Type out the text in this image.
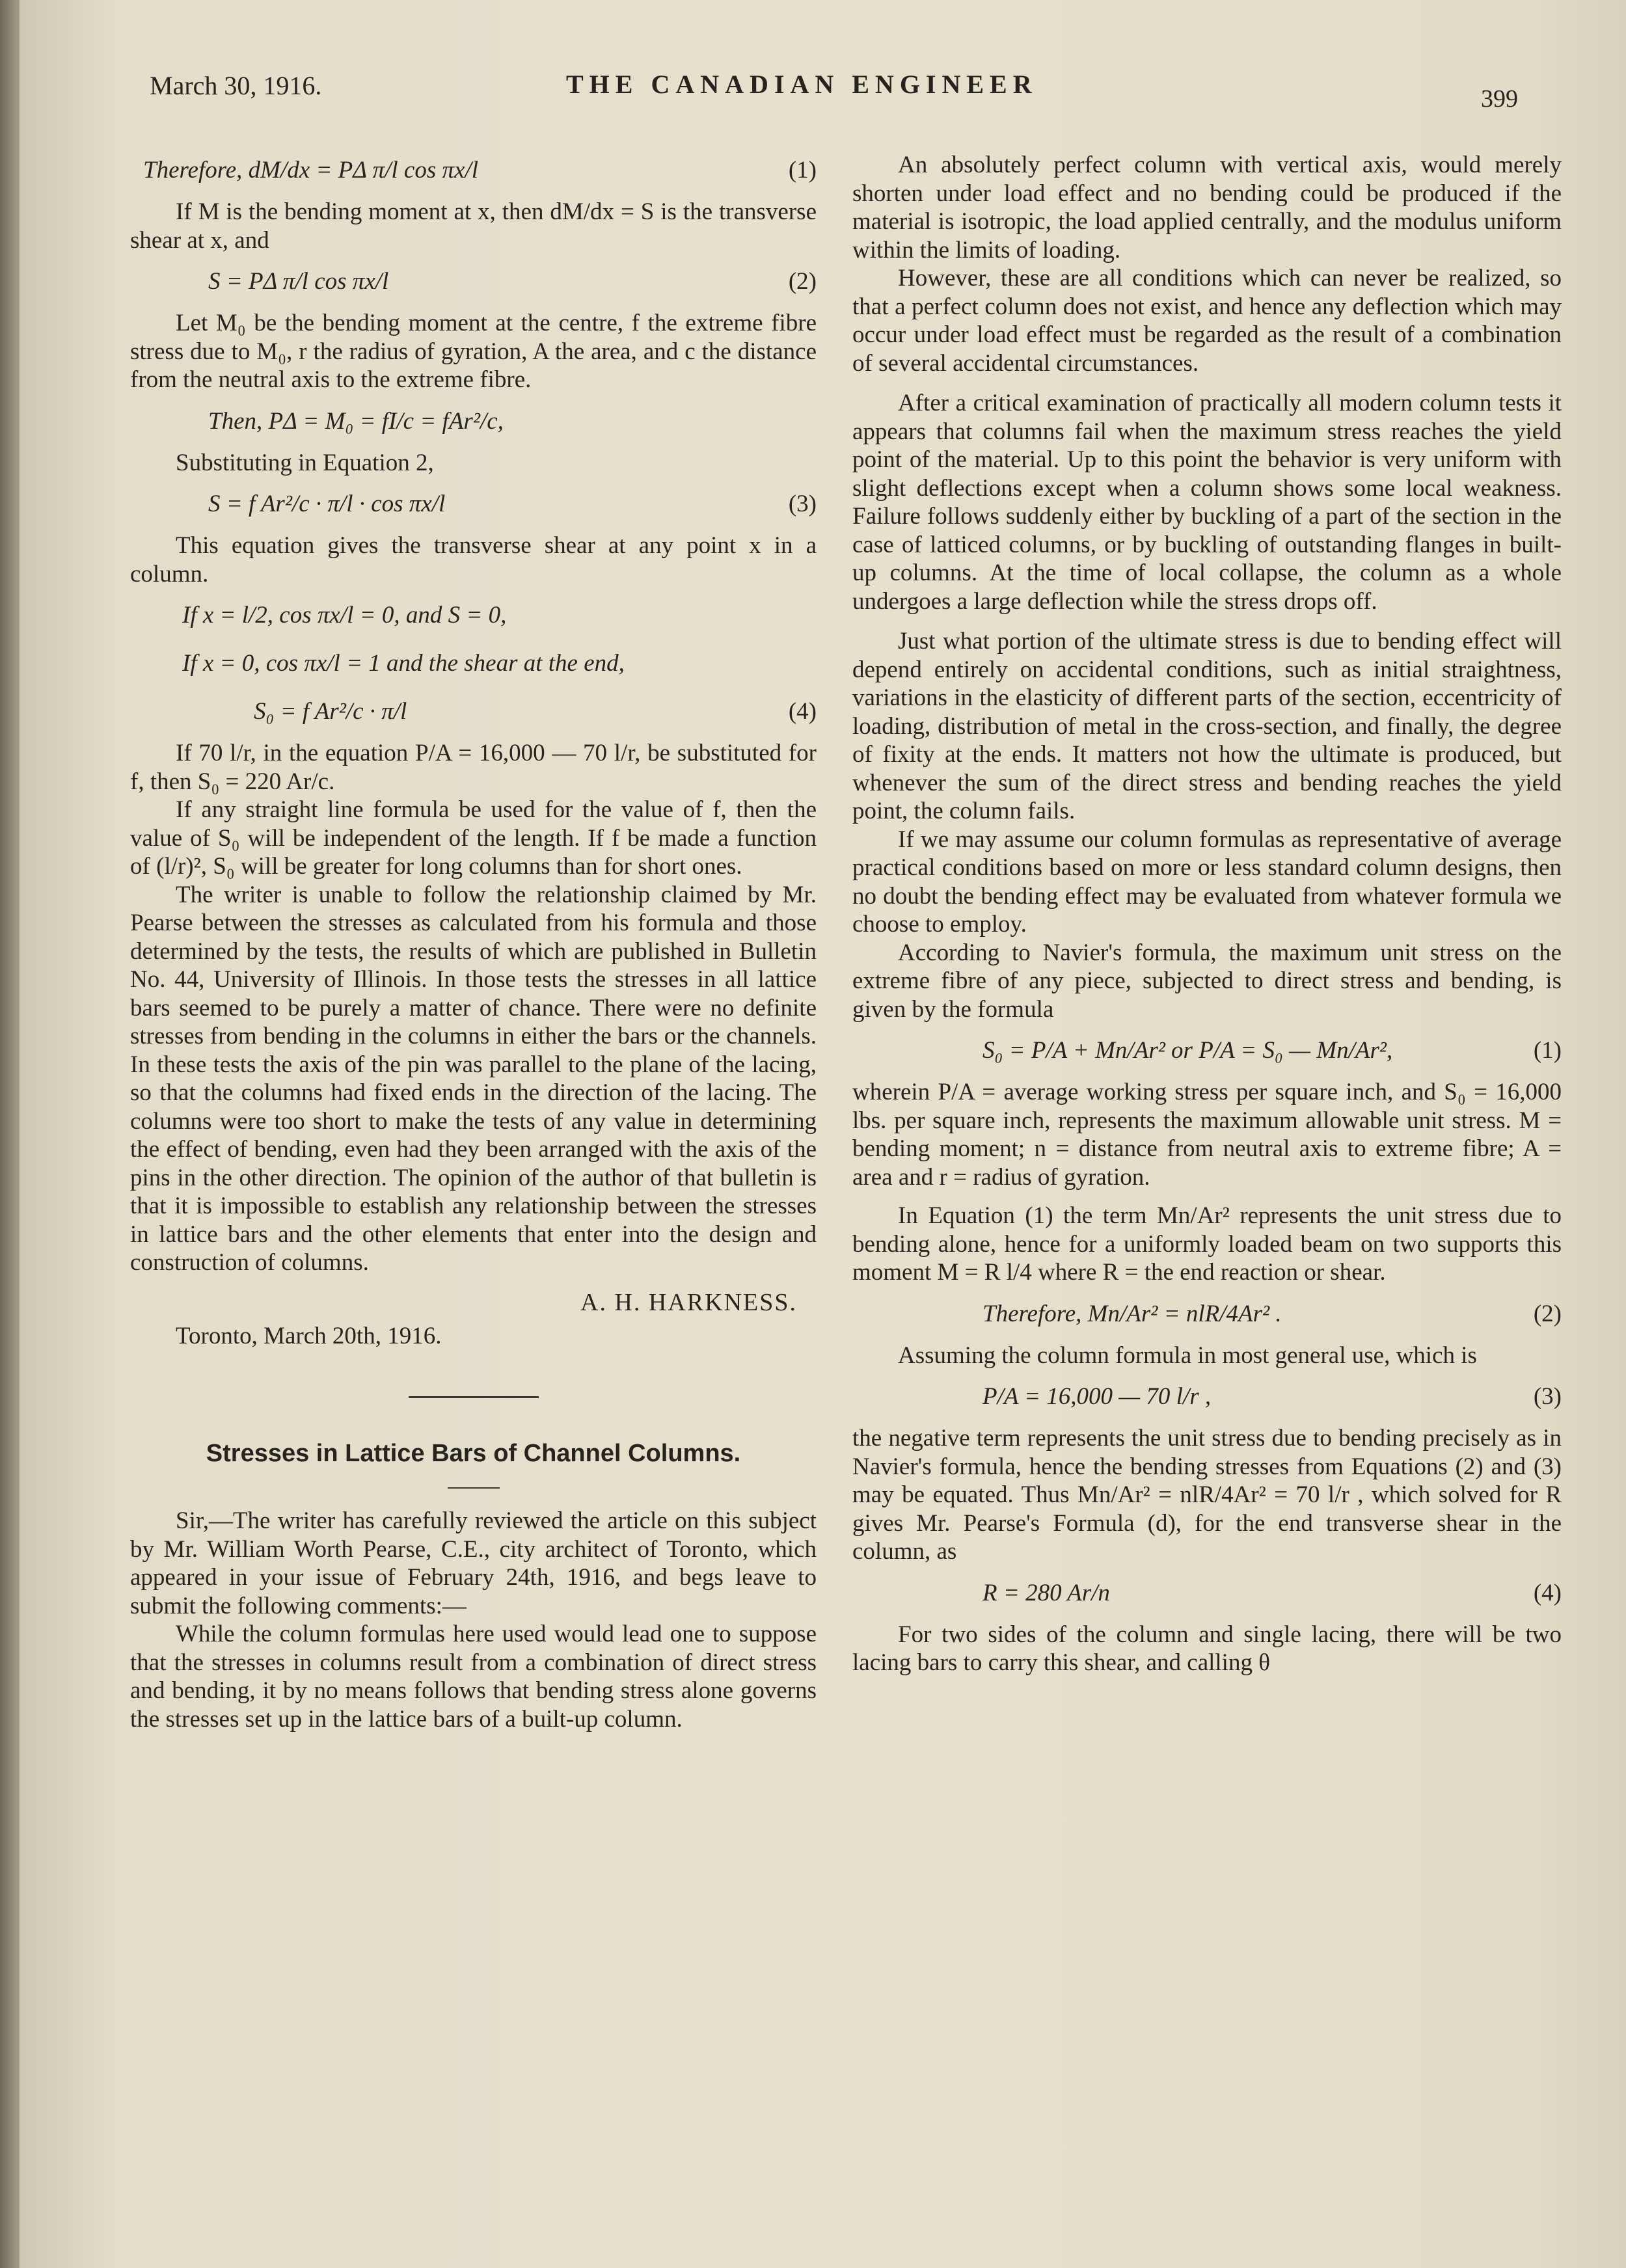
March 30, 1916.	THE CANADIAN ENGINEER	399
Therefore, dM/dx = PΔ π/l cos πx/l	(1)

If M is the bending moment at x, then dM/dx = S is the transverse shear at x, and

S = PΔ π/l cos πx/l	(2)

Let M₀ be the bending moment at the centre, f the extreme fibre stress due to M₀, r the radius of gyration, A the area, and c the distance from the neutral axis to the extreme fibre.

Then, PΔ = M₀ = fI/c = fAr²/c,

Substituting in Equation 2,

S = f Ar²/c · π/l · cos πx/l	(3)

This equation gives the transverse shear at any point x in a column.

If x = l/2, cos πx/l = 0, and S = 0,
If x = 0, cos πx/l = 1 and the shear at the end,
S₀ = f Ar²/c · π/l	(4)

If 70 l/r, in the equation P/A = 16,000 — 70 l/r, be substituted for f, then S₀ = 220 Ar/c.

If any straight line formula be used for the value of f, then the value of S₀ will be independent of the length. If f be made a function of (l/r)², S₀ will be greater for long columns than for short ones.

The writer is unable to follow the relationship claimed by Mr. Pearse between the stresses as calculated from his formula and those determined by the tests, the results of which are published in Bulletin No. 44, University of Illinois. In those tests the stresses in all lattice bars seemed to be purely a matter of chance. There were no definite stresses from bending in the columns in either the bars or the channels. In these tests the axis of the pin was parallel to the plane of the lacing, so that the columns had fixed ends in the direction of the lacing. The columns were too short to make the tests of any value in determining the effect of bending, even had they been arranged with the axis of the pins in the other direction. The opinion of the author of that bulletin is that it is impossible to establish any relationship between the stresses in lattice bars and the other elements that enter into the design and construction of columns.

A. H. HARKNESS.

Toronto, March 20th, 1916.

Stresses in Lattice Bars of Channel Columns.

Sir,—The writer has carefully reviewed the article on this subject by Mr. William Worth Pearse, C.E., city architect of Toronto, which appeared in your issue of February 24th, 1916, and begs leave to submit the following comments:—

While the column formulas here used would lead one to suppose that the stresses in columns result from a combination of direct stress and bending, it by no means follows that bending stress alone governs the stresses set up in the lattice bars of a built-up column.

An absolutely perfect column with vertical axis, would merely shorten under load effect and no bending could be produced if the material is isotropic, the load applied centrally, and the modulus uniform within the limits of loading.

However, these are all conditions which can never be realized, so that a perfect column does not exist, and hence any deflection which may occur under load effect must be regarded as the result of a combination of several accidental circumstances.

After a critical examination of practically all modern column tests it appears that columns fail when the maximum stress reaches the yield point of the material. Up to this point the behavior is very uniform with slight deflections except when a column shows some local weakness. Failure follows suddenly either by buckling of a part of the section in the case of latticed columns, or by buckling of outstanding flanges in built-up columns. At the time of local collapse, the column as a whole undergoes a large deflection while the stress drops off.

Just what portion of the ultimate stress is due to bending effect will depend entirely on accidental conditions, such as initial straightness, variations in the elasticity of different parts of the section, eccentricity of loading, distribution of metal in the cross-section, and finally, the degree of fixity at the ends. It matters not how the ultimate is produced, but whenever the sum of the direct stress and bending reaches the yield point, the column fails.

If we may assume our column formulas as representative of average practical conditions based on more or less standard column designs, then no doubt the bending effect may be evaluated from whatever formula we choose to employ.

According to Navier's formula, the maximum unit stress on the extreme fibre of any piece, subjected to direct stress and bending, is given by the formula

S₀ = P/A + Mn/Ar² or P/A = S₀ — Mn/Ar²,	(1)

wherein P/A = average working stress per square inch, and S₀ = 16,000 lbs. per square inch, represents the maximum allowable unit stress. M = bending moment; n = distance from neutral axis to extreme fibre; A = area and r = radius of gyration.

In Equation (1) the term Mn/Ar² represents the unit stress due to bending alone, hence for a uniformly loaded beam on two supports this moment M = R l/4 where R = the end reaction or shear.

Therefore, Mn/Ar² = nlR/4Ar² .	(2)

Assuming the column formula in most general use, which is

P/A = 16,000 — 70 l/r ,	(3)

the negative term represents the unit stress due to bending precisely as in Navier's formula, hence the bending stresses from Equations (2) and (3) may be equated. Thus Mn/Ar² = nlR/4Ar² = 70 l/r , which solved for R gives Mr. Pearse's Formula (d), for the end transverse shear in the column, as

R = 280 Ar/n	(4)

For two sides of the column and single lacing, there will be two lacing bars to carry this shear, and calling θ
